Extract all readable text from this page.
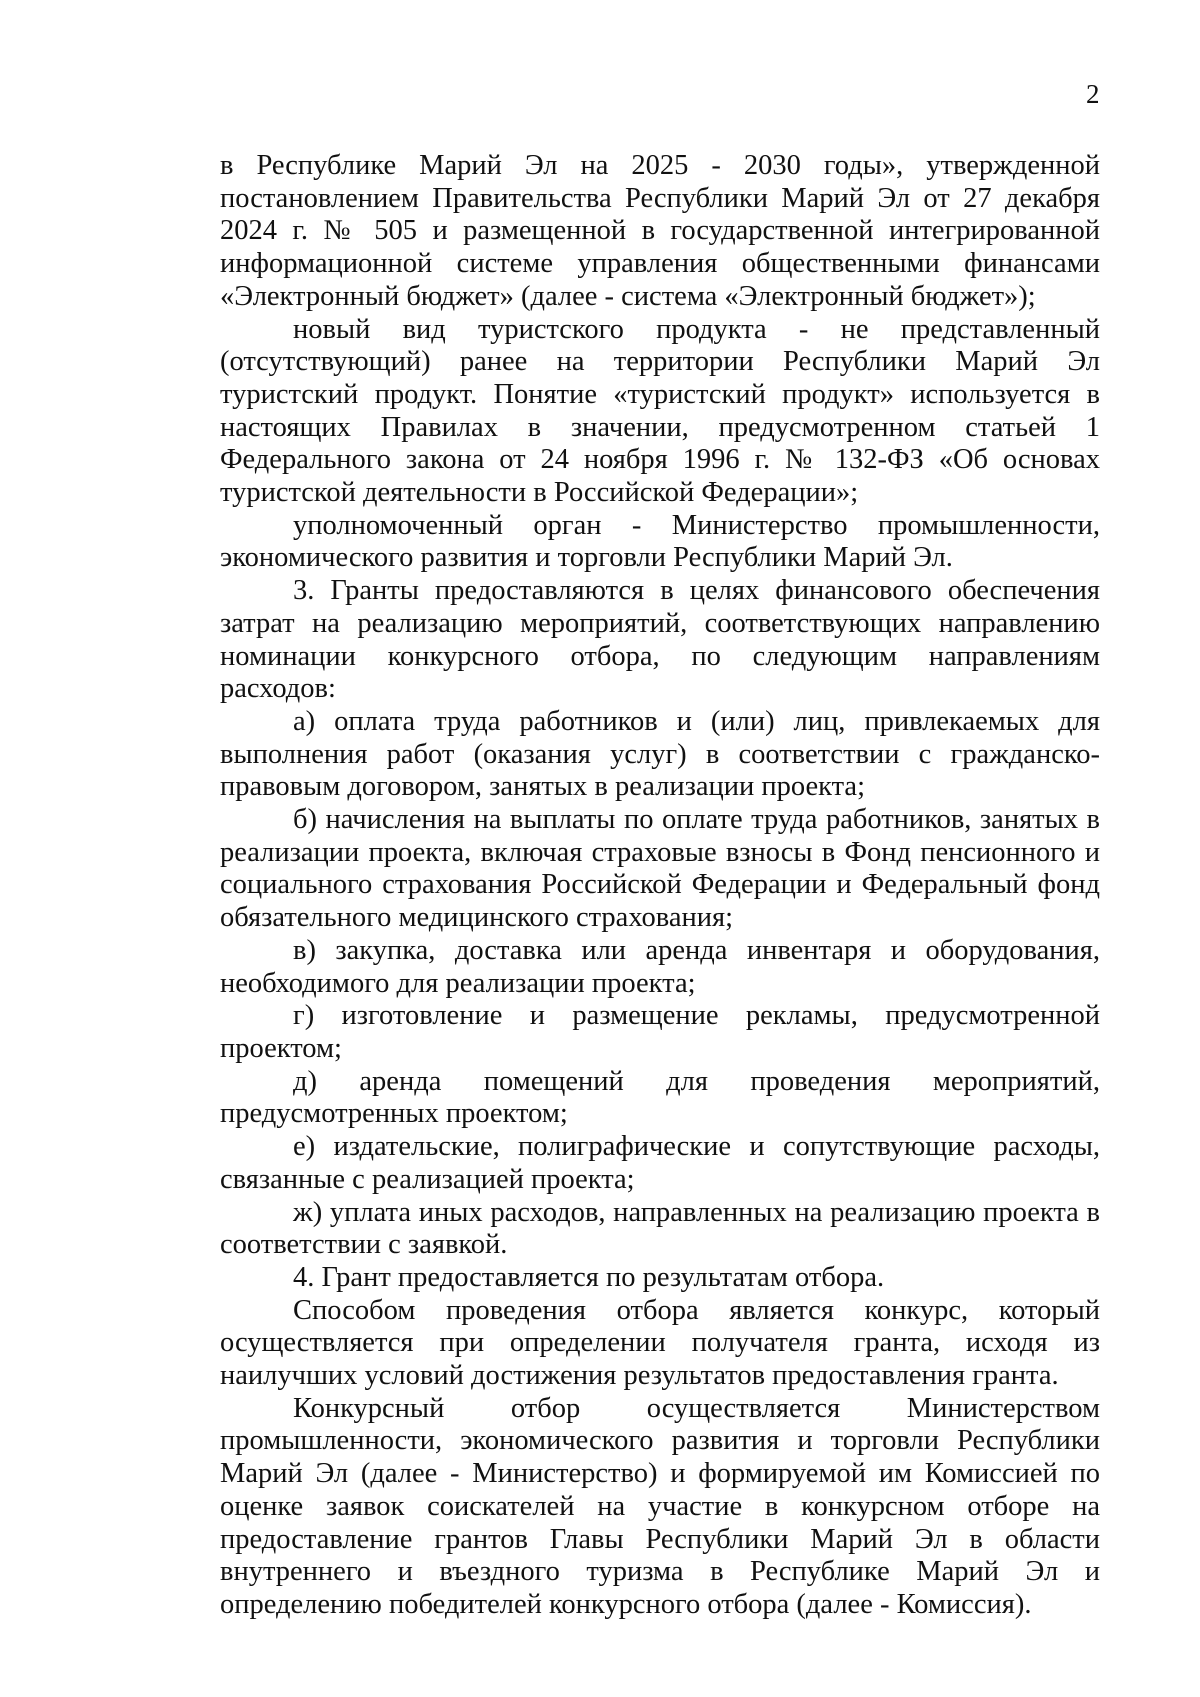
2

в Республике Марий Эл на 2025 - 2030 годы», утвержденной постановлением Правительства Республики Марий Эл от 27 декабря 2024 г. № 505 и размещенной в государственной интегрированной информационной системе управления общественными финансами «Электронный бюджет» (далее - система «Электронный бюджет»);

новый вид туристского продукта - не представленный (отсутствующий) ранее на территории Республики Марий Эл туристский продукт. Понятие «туристский продукт» используется в настоящих Правилах в значении, предусмотренном статьей 1 Федерального закона от 24 ноября 1996 г. № 132-ФЗ «Об основах туристской деятельности в Российской Федерации»;

уполномоченный орган - Министерство промышленности, экономического развития и торговли Республики Марий Эл.

3. Гранты предоставляются в целях финансового обеспечения затрат на реализацию мероприятий, соответствующих направлению номинации конкурсного отбора, по следующим направлениям расходов:

а) оплата труда работников и (или) лиц, привлекаемых для выполнения работ (оказания услуг) в соответствии с гражданско-правовым договором, занятых в реализации проекта;

б) начисления на выплаты по оплате труда работников, занятых в реализации проекта, включая страховые взносы в Фонд пенсионного и социального страхования Российской Федерации и Федеральный фонд обязательного медицинского страхования;

в) закупка, доставка или аренда инвентаря и оборудования, необходимого для реализации проекта;

г) изготовление и размещение рекламы, предусмотренной проектом;

д) аренда помещений для проведения мероприятий, предусмотренных проектом;

е) издательские, полиграфические и сопутствующие расходы, связанные с реализацией проекта;

ж) уплата иных расходов, направленных на реализацию проекта в соответствии с заявкой.

4. Грант предоставляется по результатам отбора.

Способом проведения отбора является конкурс, который осуществляется при определении получателя гранта, исходя из наилучших условий достижения результатов предоставления гранта.

Конкурсный отбор осуществляется Министерством промышленности, экономического развития и торговли Республики Марий Эл (далее - Министерство) и формируемой им Комиссией по оценке заявок соискателей на участие в конкурсном отборе на предоставление грантов Главы Республики Марий Эл в области внутреннего и въездного туризма в Республике Марий Эл и определению победителей конкурсного отбора (далее - Комиссия).
